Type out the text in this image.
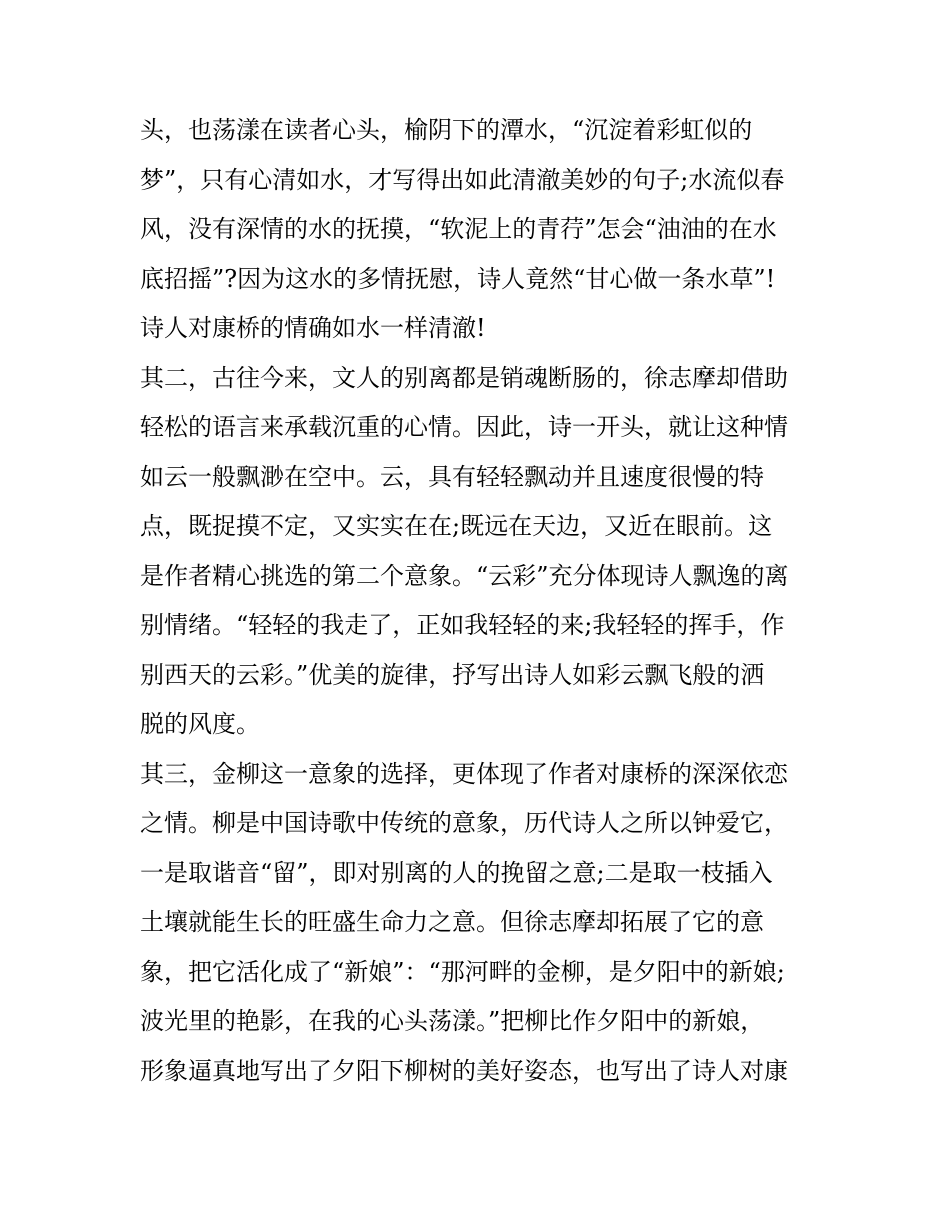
头，也荡漾在读者心头，榆阴下的潭水，“沉淀着彩虹似的
梦”，只有心清如水，才写得出如此清澈美妙的句子;水流似春
风，没有深情的水的抚摸，“软泥上的青荇”怎会“油油的在水
底招摇”?因为这水的多情抚慰，诗人竟然“甘心做一条水草”!
诗人对康桥的情确如水一样清澈!
其二，古往今来，文人的别离都是销魂断肠的，徐志摩却借助
轻松的语言来承载沉重的心情。因此，诗一开头，就让这种情
如云一般飘渺在空中。云，具有轻轻飘动并且速度很慢的特
点，既捉摸不定，又实实在在;既远在天边，又近在眼前。这
是作者精心挑选的第二个意象。“云彩”充分体现诗人飘逸的离
别情绪。“轻轻的我走了，正如我轻轻的来;我轻轻的挥手，作
别西天的云彩。”优美的旋律，抒写出诗人如彩云飘飞般的洒
脱的风度。
其三，金柳这一意象的选择，更体现了作者对康桥的深深依恋
之情。柳是中国诗歌中传统的意象，历代诗人之所以钟爱它，
一是取谐音“留”，即对别离的人的挽留之意;二是取一枝插入
土壤就能生长的旺盛生命力之意。但徐志摩却拓展了它的意
象，把它活化成了“新娘”：“那河畔的金柳，是夕阳中的新娘;
波光里的艳影，在我的心头荡漾。”把柳比作夕阳中的新娘，
形象逼真地写出了夕阳下柳树的美好姿态，也写出了诗人对康
